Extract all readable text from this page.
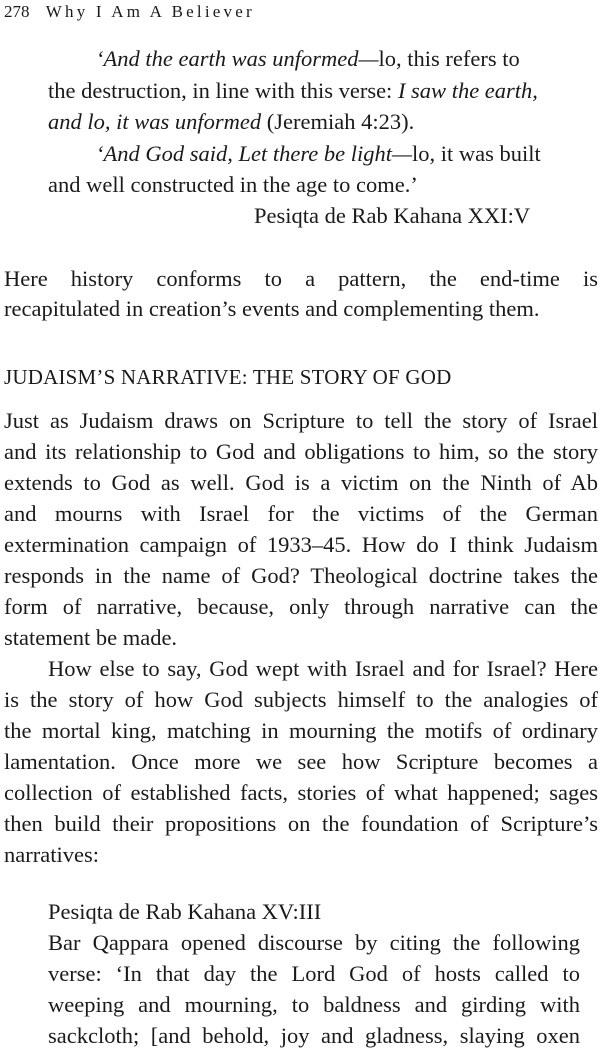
278 Why I Am A Believer
‘And the earth was unformed—lo, this refers to
the destruction, in line with this verse: I saw the earth,
and lo, it was unformed (Jeremiah 4:23).
‘And God said, Let there be light—lo, it was built
and well constructed in the age to come.’
Pesiqta de Rab Kahana XXI:V
Here history conforms to a pattern, the end-time is
recapitulated in creation’s events and complementing them.
JUDAISM’S NARRATIVE: THE STORY OF GOD
Just as Judaism draws on Scripture to tell the story of Israel
and its relationship to God and obligations to him, so the story
extends to God as well. God is a victim on the Ninth of Ab
and mourns with Israel for the victims of the German
extermination campaign of 1933–45. How do I think Judaism
responds in the name of God? Theological doctrine takes the
form of narrative, because, only through narrative can the
statement be made.
How else to say, God wept with Israel and for Israel? Here
is the story of how God subjects himself to the analogies of
the mortal king, matching in mourning the motifs of ordinary
lamentation. Once more we see how Scripture becomes a
collection of established facts, stories of what happened; sages
then build their propositions on the foundation of Scripture’s
narratives:
Pesiqta de Rab Kahana XV:III
Bar Qappara opened discourse by citing the following
verse: ‘In that day the Lord God of hosts called to
weeping and mourning, to baldness and girding with
sackcloth; [and behold, joy and gladness, slaying oxen
